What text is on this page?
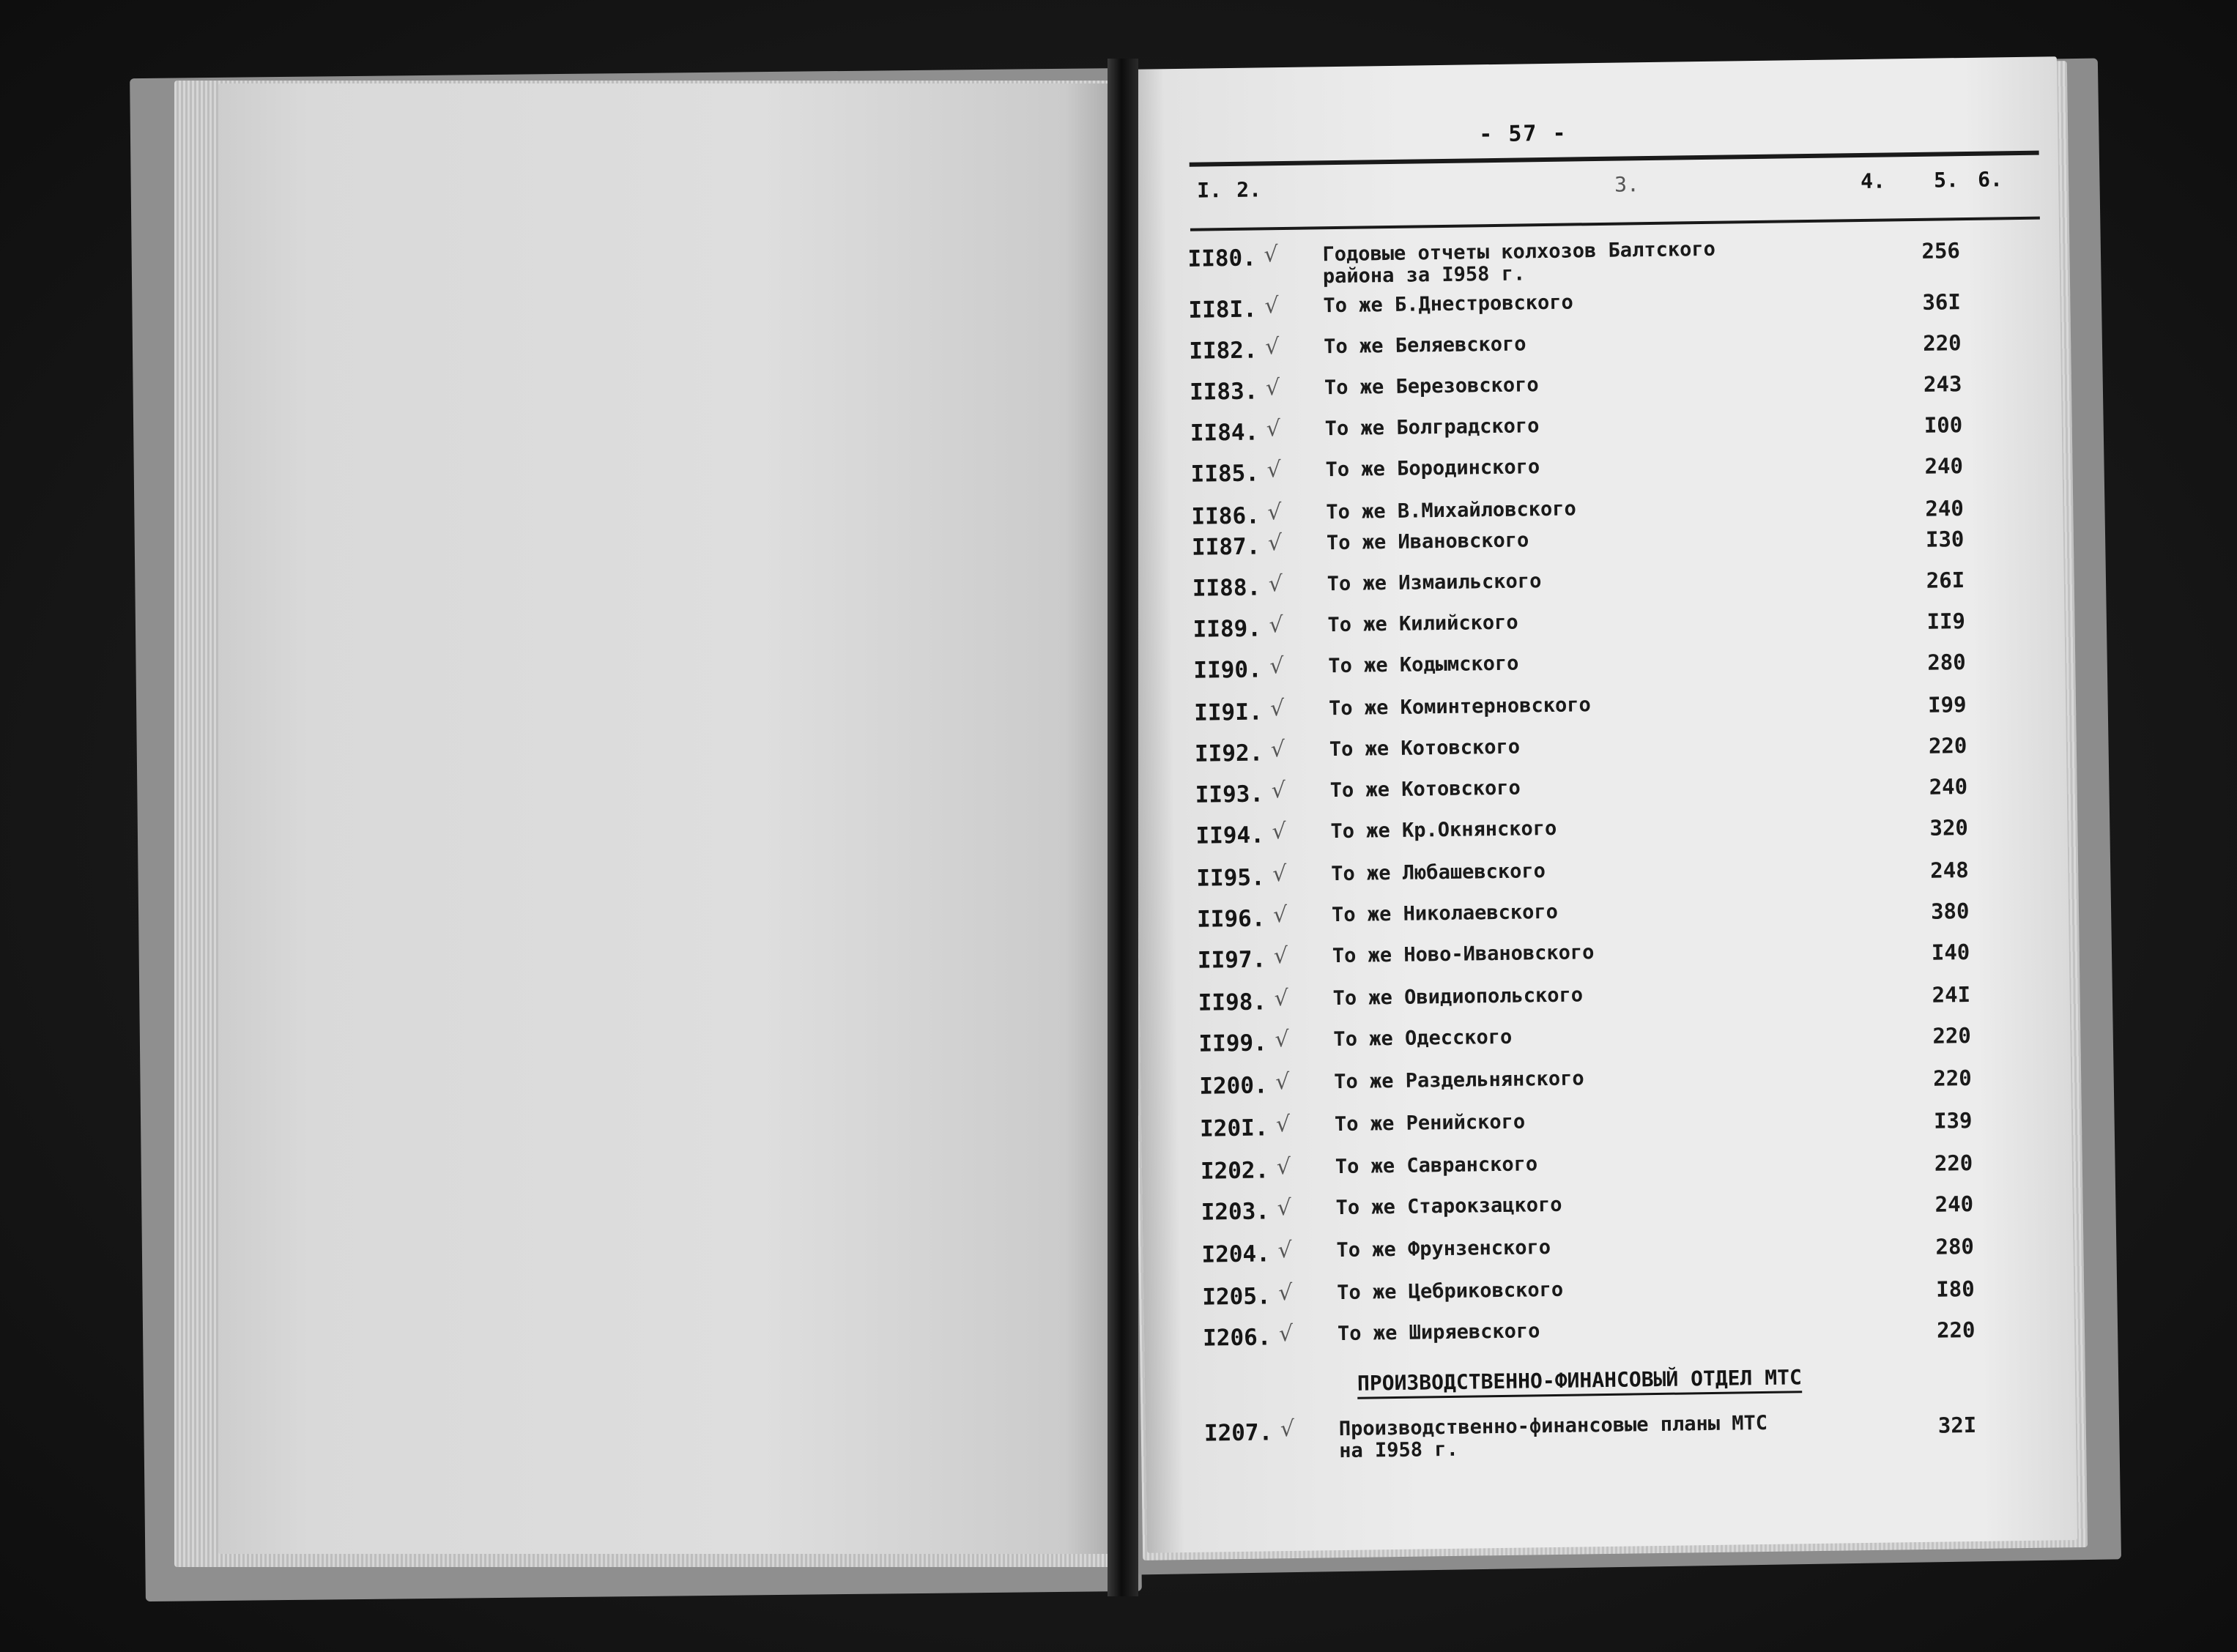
- 57 -
I. 2.	3.	4. 5. 6.
ПРОИЗВОДСТВЕННО-ФИНАНСОВЫЙ ОТДЕЛ МТС
II80. √ Годовые отчеты колхозов Балтского
района за I958 г.
256
II8I. √ То же Б.Днестровского	36I
II82. √ То же Беляевского	220
II83. √ То же Березовского	243
II84. √ То же Болградского	I00
II85. √ То же Бородинского	240
II86. √ То же В.Михайловского	240
II87. √ То же Ивановского	I30
II88. √ То же Измаильского	26I
II89. √ То же Килийского	II9
II90. √ То же Кодымского	280
II9I. √ То же Коминтерновского	I99
II92. √ То же Котовского	220
II93. √ То же Котовского	240
II94. √ То же Кр.Окнянского	320
II95. √ То же Любашевского	248
II96. √ То же Николаевского	380
II97. √ То же Ново-Ивановского	I40
II98. √ То же Овидиопольского	24I
II99. √ То же Одесского	220
I200. √ То же Раздельнянского	220
I20I. √ То же Ренийского	I39
I202. √ То же Савранского	220
I203. √ То же Старокзацкого	240
I204. √ То же Фрунзенского	280
I205. √ То же Цебриковского	I80
I206. √ То же Ширяевского	220
I207. √ Производственно-финансовые планы МТС
на I958 г.
32I
